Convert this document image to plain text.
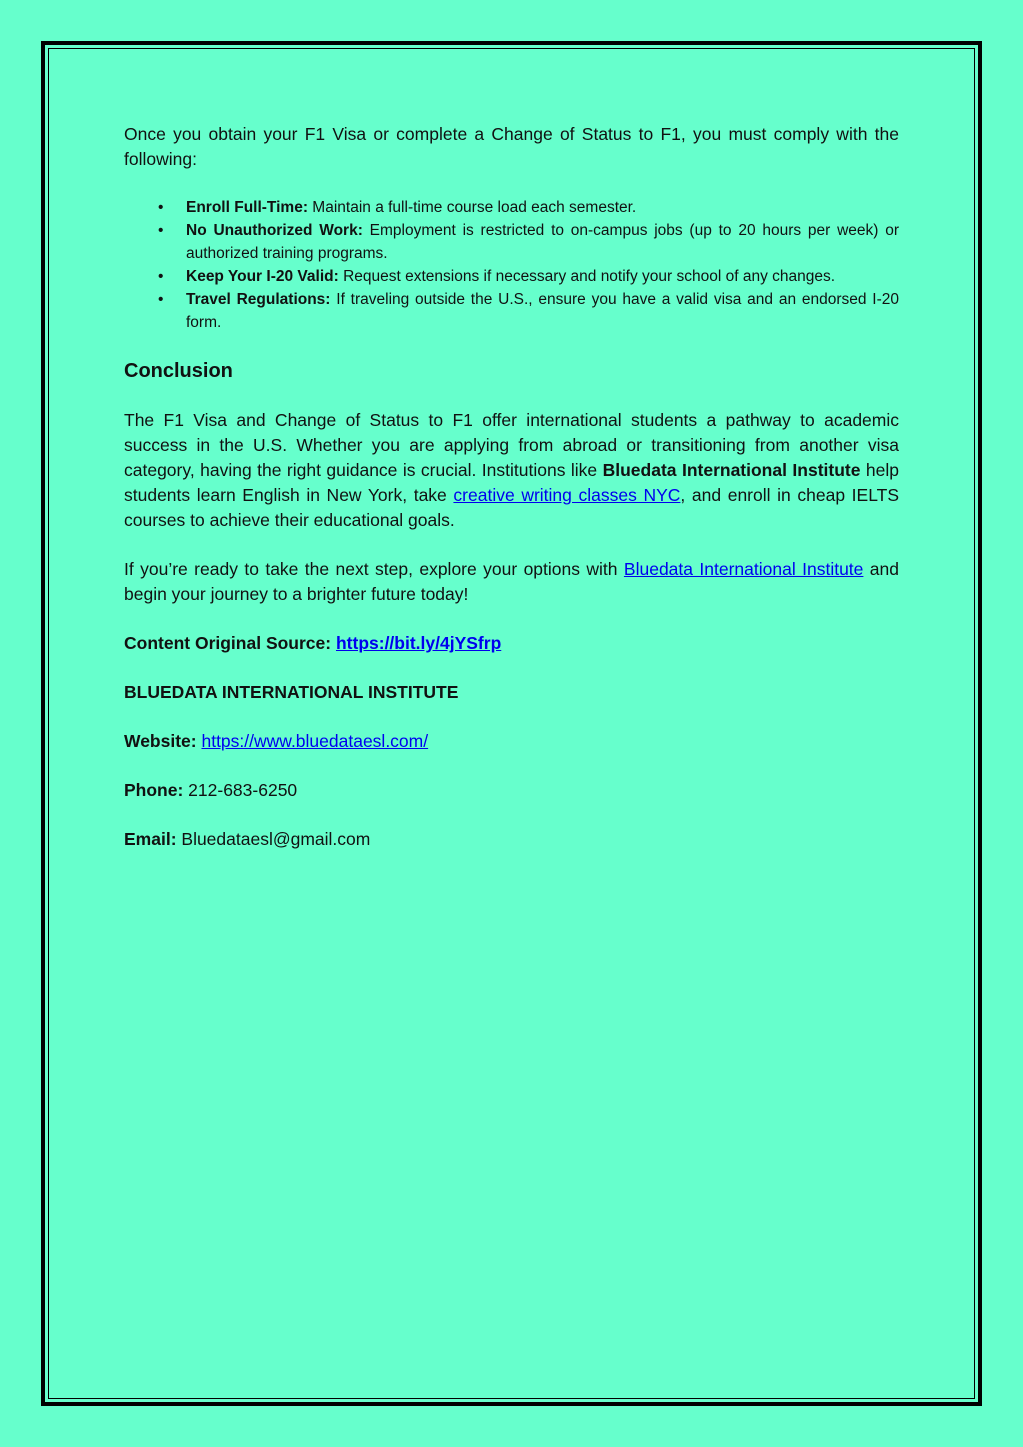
Once you obtain your F1 Visa or complete a Change of Status to F1, you must comply with the following:

• Enroll Full-Time: Maintain a full-time course load each semester.
• No Unauthorized Work: Employment is restricted to on-campus jobs (up to 20 hours per week) or authorized training programs.
• Keep Your I-20 Valid: Request extensions if necessary and notify your school of any changes.
• Travel Regulations: If traveling outside the U.S., ensure you have a valid visa and an endorsed I-20 form.
Conclusion

The F1 Visa and Change of Status to F1 offer international students a pathway to academic success in the U.S. Whether you are applying from abroad or transitioning from another visa category, having the right guidance is crucial. Institutions like Bluedata International Institute help students learn English in New York, take creative writing classes NYC, and enroll in cheap IELTS courses to achieve their educational goals.

If you’re ready to take the next step, explore your options with Bluedata International Institute and begin your journey to a brighter future today!

Content Original Source: https://bit.ly/4jYSfrp
BLUEDATA INTERNATIONAL INSTITUTE
Website: https://www.bluedataesl.com/
Phone: 212-683-6250
Email: Bluedataesl@gmail.com
